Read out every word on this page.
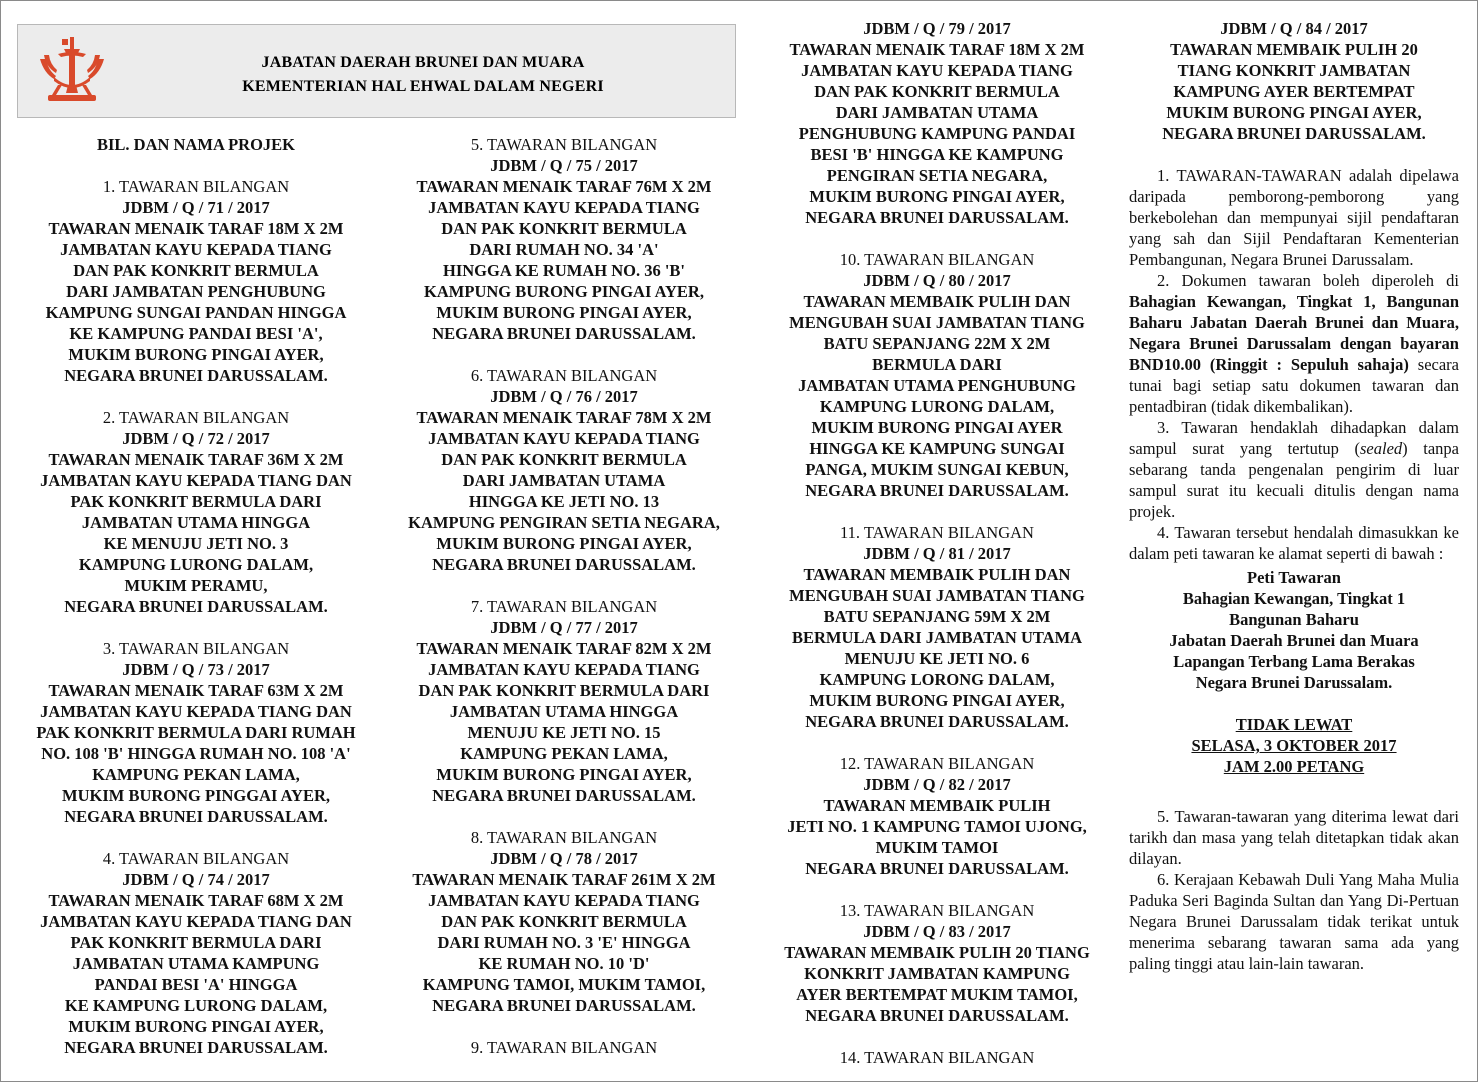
JABATAN DAERAH BRUNEI DAN MUARA
KEMENTERIAN HAL EHWAL DALAM NEGERI
BIL. DAN NAMA PROJEK
1. TAWARAN BILANGAN
JDBM / Q / 71 / 2017
TAWARAN MENAIK TARAF 18M X 2M
JAMBATAN KAYU KEPADA TIANG
DAN PAK KONKRIT BERMULA
DARI JAMBATAN PENGHUBUNG
KAMPUNG SUNGAI PANDAN HINGGA
KE KAMPUNG PANDAI BESI 'A',
MUKIM BURONG PINGAI AYER,
NEGARA BRUNEI DARUSSALAM.
2. TAWARAN BILANGAN
JDBM / Q / 72 / 2017
TAWARAN MENAIK TARAF 36M X 2M
JAMBATAN KAYU KEPADA TIANG DAN
PAK KONKRIT BERMULA DARI
JAMBATAN UTAMA HINGGA
KE MENUJU JETI NO. 3
KAMPUNG LURONG DALAM,
MUKIM PERAMU,
NEGARA BRUNEI DARUSSALAM.
3. TAWARAN BILANGAN
JDBM / Q / 73 / 2017
TAWARAN MENAIK TARAF 63M X 2M
JAMBATAN KAYU KEPADA TIANG DAN
PAK KONKRIT BERMULA DARI RUMAH
NO. 108 'B' HINGGA RUMAH NO. 108 'A'
KAMPUNG PEKAN LAMA,
MUKIM BURONG PINGGAI AYER,
NEGARA BRUNEI DARUSSALAM.
4. TAWARAN BILANGAN
JDBM / Q / 74 / 2017
TAWARAN MENAIK TARAF 68M X 2M
JAMBATAN KAYU KEPADA TIANG DAN
PAK KONKRIT BERMULA DARI
JAMBATAN UTAMA KAMPUNG
PANDAI BESI 'A' HINGGA
KE KAMPUNG LURONG DALAM,
MUKIM BURONG PINGAI AYER,
NEGARA BRUNEI DARUSSALAM.
5. TAWARAN BILANGAN
JDBM / Q / 75 / 2017
TAWARAN MENAIK TARAF 76M X 2M
JAMBATAN KAYU KEPADA TIANG
DAN PAK KONKRIT BERMULA
DARI RUMAH NO. 34 'A'
HINGGA KE RUMAH NO. 36 'B'
KAMPUNG BURONG PINGAI AYER,
MUKIM BURONG PINGAI AYER,
NEGARA BRUNEI DARUSSALAM.
6. TAWARAN BILANGAN
JDBM / Q / 76 / 2017
TAWARAN MENAIK TARAF 78M X 2M
JAMBATAN KAYU KEPADA TIANG
DAN PAK KONKRIT BERMULA
DARI JAMBATAN UTAMA
HINGGA KE JETI NO. 13
KAMPUNG PENGIRAN SETIA NEGARA,
MUKIM BURONG PINGAI AYER,
NEGARA BRUNEI DARUSSALAM.
7. TAWARAN BILANGAN
JDBM / Q / 77 / 2017
TAWARAN MENAIK TARAF 82M X 2M
JAMBATAN KAYU KEPADA TIANG
DAN PAK KONKRIT BERMULA DARI
JAMBATAN UTAMA HINGGA
MENUJU KE JETI NO. 15
KAMPUNG PEKAN LAMA,
MUKIM BURONG PINGAI AYER,
NEGARA BRUNEI DARUSSALAM.
8. TAWARAN BILANGAN
JDBM / Q / 78 / 2017
TAWARAN MENAIK TARAF 261M X 2M
JAMBATAN KAYU KEPADA TIANG
DAN PAK KONKRIT BERMULA
DARI RUMAH NO. 3 'E' HINGGA
KE RUMAH NO. 10 'D'
KAMPUNG TAMOI, MUKIM TAMOI,
NEGARA BRUNEI DARUSSALAM.
9. TAWARAN BILANGAN
JDBM / Q / 79 / 2017
TAWARAN MENAIK TARAF 18M X 2M
JAMBATAN KAYU KEPADA TIANG
DAN PAK KONKRIT BERMULA
DARI JAMBATAN UTAMA
PENGHUBUNG KAMPUNG PANDAI
BESI 'B' HINGGA KE KAMPUNG
PENGIRAN SETIA NEGARA,
MUKIM BURONG PINGAI AYER,
NEGARA BRUNEI DARUSSALAM.
10. TAWARAN BILANGAN
JDBM / Q / 80 / 2017
TAWARAN MEMBAIK PULIH DAN
MENGUBAH SUAI JAMBATAN TIANG
BATU SEPANJANG 22M X 2M
BERMULA DARI
JAMBATAN UTAMA PENGHUBUNG
KAMPUNG LURONG DALAM,
MUKIM BURONG PINGAI AYER
HINGGA KE KAMPUNG SUNGAI
PANGA, MUKIM SUNGAI KEBUN,
NEGARA BRUNEI DARUSSALAM.
11. TAWARAN BILANGAN
JDBM / Q / 81 / 2017
TAWARAN MEMBAIK PULIH DAN
MENGUBAH SUAI JAMBATAN TIANG
BATU SEPANJANG 59M X 2M
BERMULA DARI JAMBATAN UTAMA
MENUJU KE JETI NO. 6
KAMPUNG LORONG DALAM,
MUKIM BURONG PINGAI AYER,
NEGARA BRUNEI DARUSSALAM.
12. TAWARAN BILANGAN
JDBM / Q / 82 / 2017
TAWARAN MEMBAIK PULIH
JETI NO. 1 KAMPUNG TAMOI UJONG,
MUKIM TAMOI
NEGARA BRUNEI DARUSSALAM.
13. TAWARAN BILANGAN
JDBM / Q / 83 / 2017
TAWARAN MEMBAIK PULIH 20 TIANG
KONKRIT JAMBATAN KAMPUNG
AYER BERTEMPAT MUKIM TAMOI,
NEGARA BRUNEI DARUSSALAM.
14. TAWARAN BILANGAN
JDBM / Q / 84 / 2017
TAWARAN MEMBAIK PULIH 20
TIANG KONKRIT JAMBATAN
KAMPUNG AYER BERTEMPAT
MUKIM BURONG PINGAI AYER,
NEGARA BRUNEI DARUSSALAM.
1. TAWARAN-TAWARAN adalah dipelawa daripada pemborong-pemborong yang berkebolehan dan mempunyai sijil pendaftaran yang sah dan Sijil Pendaftaran Kementerian Pembangunan, Negara Brunei Darussalam.
2. Dokumen tawaran boleh diperoleh di Bahagian Kewangan, Tingkat 1, Bangunan Baharu Jabatan Daerah Brunei dan Muara, Negara Brunei Darussalam dengan bayaran BND10.00 (Ringgit : Sepuluh sahaja) secara tunai bagi setiap satu dokumen tawaran dan pentadbiran (tidak dikembalikan).
3. Tawaran hendaklah dihadapkan dalam sampul surat yang tertutup (sealed) tanpa sebarang tanda pengenalan pengirim di luar sampul surat itu kecuali ditulis dengan nama projek.
4. Tawaran tersebut hendalah dimasukkan ke dalam peti tawaran ke alamat seperti di bawah :
Peti Tawaran
Bahagian Kewangan, Tingkat 1
Bangunan Baharu
Jabatan Daerah Brunei dan Muara
Lapangan Terbang Lama Berakas
Negara Brunei Darussalam.
TIDAK LEWAT
SELASA, 3 OKTOBER 2017
JAM 2.00 PETANG
5. Tawaran-tawaran yang diterima lewat dari tarikh dan masa yang telah ditetapkan tidak akan dilayan.
6. Kerajaan Kebawah Duli Yang Maha Mulia Paduka Seri Baginda Sultan dan Yang Di-Pertuan Negara Brunei Darussalam tidak terikat untuk menerima sebarang tawaran sama ada yang paling tinggi atau lain-lain tawaran.
